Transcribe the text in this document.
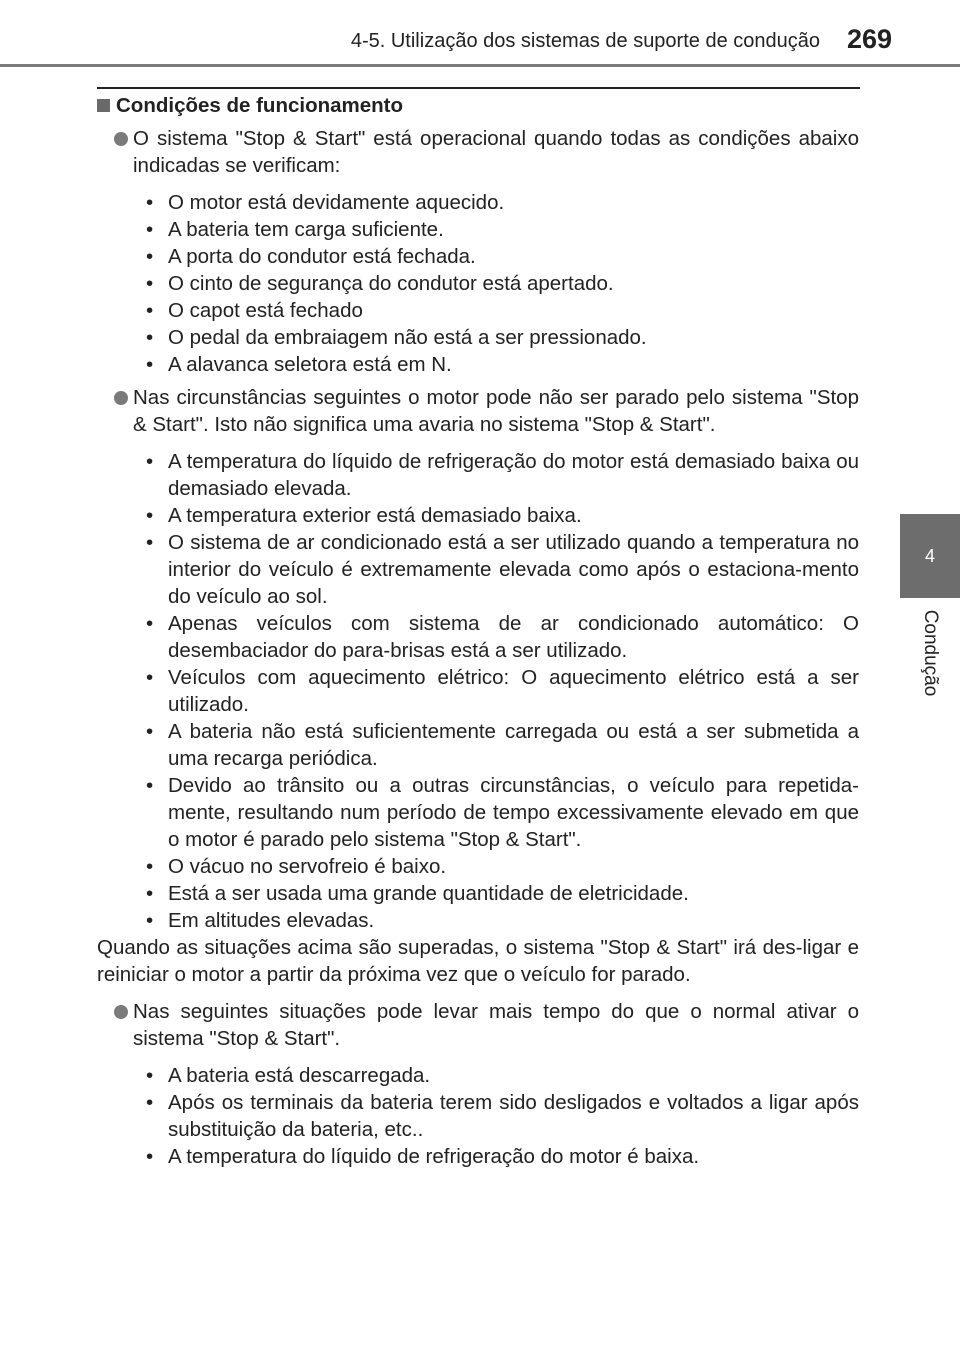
4-5. Utilização dos sistemas de suporte de condução 269
4
Condução
Condições de funcionamento
O sistema "Stop & Start" está operacional quando todas as condições abaixo indicadas se verificam:
• O motor está devidamente aquecido.
• A bateria tem carga suficiente.
• A porta do condutor está fechada.
• O cinto de segurança do condutor está apertado.
• O capot está fechado
• O pedal da embraiagem não está a ser pressionado.
• A alavanca seletora está em N.
Nas circunstâncias seguintes o motor pode não ser parado pelo sistema "Stop & Start". Isto não significa uma avaria no sistema "Stop & Start".
• A temperatura do líquido de refrigeração do motor está demasiado baixa ou demasiado elevada.
• A temperatura exterior está demasiado baixa.
• O sistema de ar condicionado está a ser utilizado quando a temperatura no interior do veículo é extremamente elevada como após o estaciona-mento do veículo ao sol.
• Apenas veículos com sistema de ar condicionado automático: O desembaciador do para-brisas está a ser utilizado.
• Veículos com aquecimento elétrico: O aquecimento elétrico está a ser utilizado.
• A bateria não está suficientemente carregada ou está a ser submetida a uma recarga periódica.
• Devido ao trânsito ou a outras circunstâncias, o veículo para repetida-mente, resultando num período de tempo excessivamente elevado em que o motor é parado pelo sistema "Stop & Start".
• O vácuo no servofreio é baixo.
• Está a ser usada uma grande quantidade de eletricidade.
• Em altitudes elevadas.
Quando as situações acima são superadas, o sistema "Stop & Start" irá des-ligar e reiniciar o motor a partir da próxima vez que o veículo for parado.
Nas seguintes situações pode levar mais tempo do que o normal ativar o sistema "Stop & Start".
• A bateria está descarregada.
• Após os terminais da bateria terem sido desligados e voltados a ligar após substituição da bateria, etc..
• A temperatura do líquido de refrigeração do motor é baixa.
